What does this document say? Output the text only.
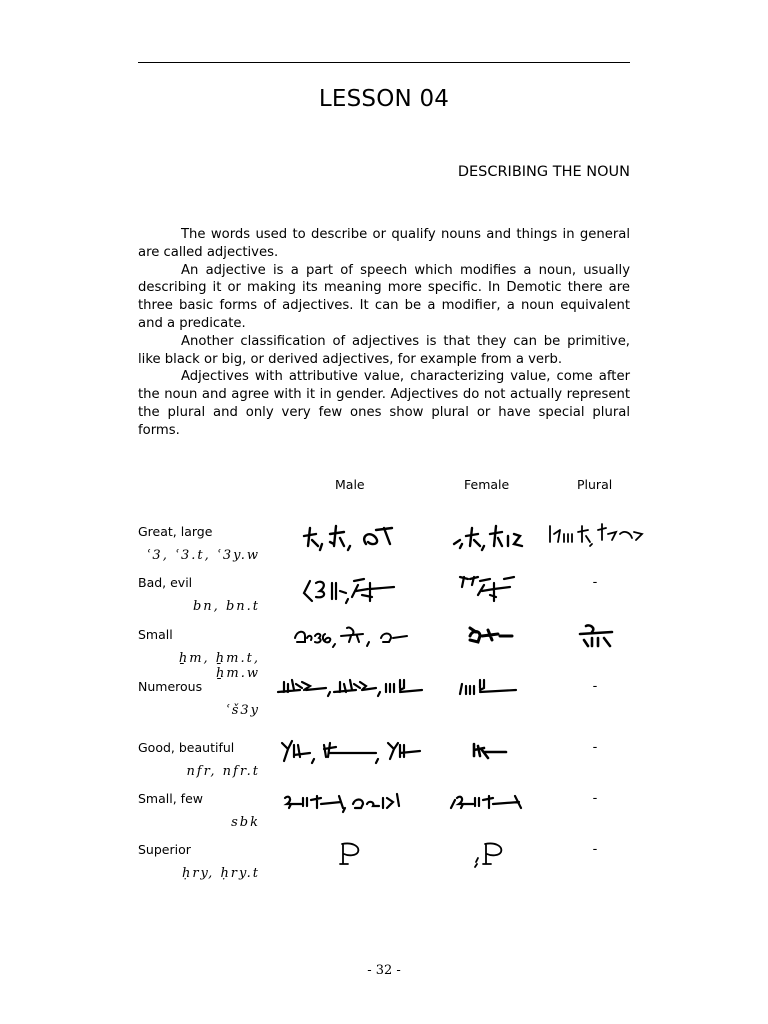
LESSON 04
DESCRIBING THE NOUN

The words used to describe or qualify nouns and things in general are called adjectives.

An adjective is a part of speech which modifies a noun, usually describing it or making its meaning more specific. In Demotic there are three basic forms of adjectives. It can be a modifier, a noun equivalent and a predicate.

Another classification of adjectives is that they can be primitive, like black or big, or derived adjectives, for example from a verb.

Adjectives with attributive value, characterizing value, come after the noun and agree with it in gender. Adjectives do not actually represent the plural and only very few ones show plural or have special plural forms.

Male	Female	Plural
Great, large
ʿ3, ʿ3.t, ʿ3y.w
Bad, evil
bn, bn.t
-
Small
ẖm, ẖm.t, ẖm.w
Numerous
ʿš3y
-
Good, beautiful
nfr, nfr.t
-
Small, few
sbk
-
Superior
ḥry, ḥry.t
-
- 32 -
